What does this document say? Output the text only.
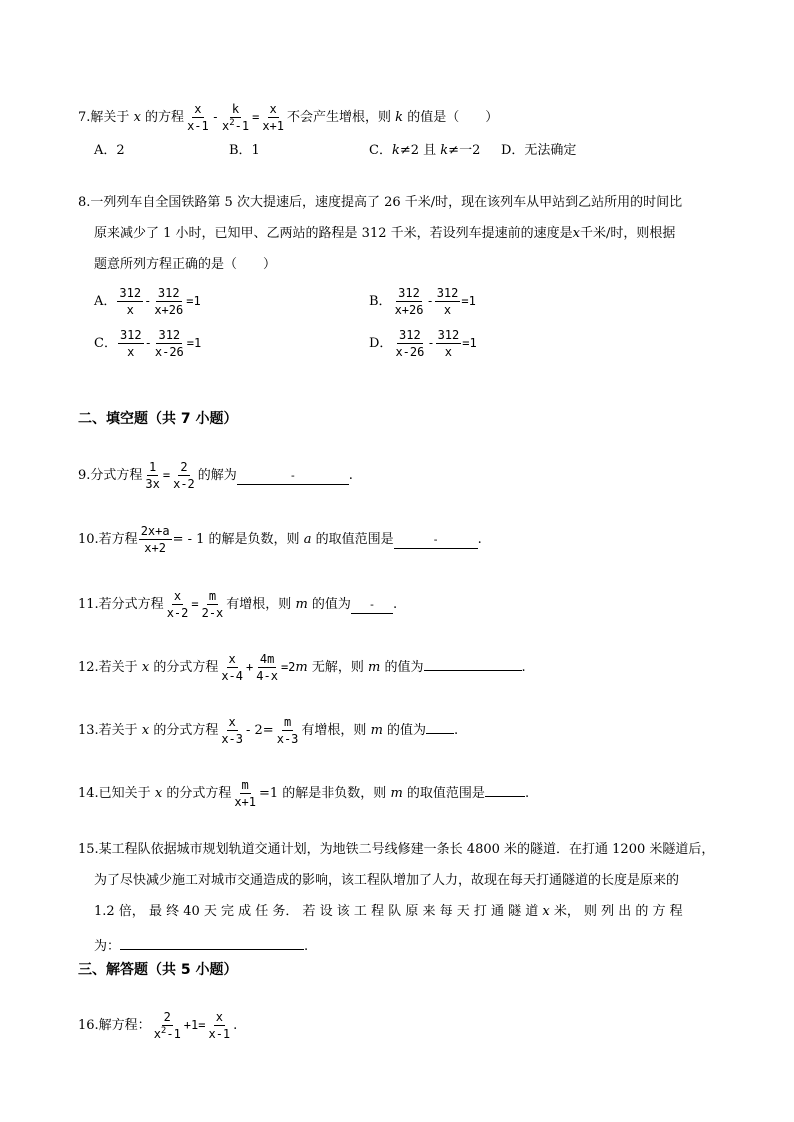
7.解关于 x 的方程 $\frac{x}{x-1} - \frac{k}{x^2-1} = \frac{x}{x+1}$ 不会产生增根，则 k 的值是（　　）
A．2	B．1	C．k≠2 且 k≠一2 D．无法确定
8.一列列车自全国铁路第 5 次大提速后，速度提高了 26 千米/时，现在该列车从甲站到乙站所用的时间比
原来减少了 1 小时，已知甲、乙两站的路程是 312 千米，若设列车提速前的速度是x千米/时，则根据
题意所列方程正确的是（　　）
A． $\frac{312}{x} - \frac{312}{x+26} =1$	B． $\frac{312}{x+26} - \frac{312}{x} =1$
C． $\frac{312}{x} - \frac{312}{x-26} =1$	D． $\frac{312}{x-26} - \frac{312}{x} =1$
二、填空题（共 7 小题）
9.分式方程 $\frac{1}{3x} = \frac{2}{x-2}$ 的解为	-	.
10.若方程 $\frac{2x+a}{x+2}$ = - 1 的解是负数，则 a 的取值范围是	-	.
11.若分式方程 $\frac{x}{x-2} = \frac{m}{2-x}$ 有增根，则 m 的值为 - .
12.若关于 x 的分式方程 $\frac{x}{x-4} + \frac{4m}{4-x} =2m$ 无解，则 m 的值为	.
13.若关于 x 的分式方程 $\frac{x}{x-3} - 2= \frac{m}{x-3}$ 有增根，则 m 的值为 .
14.已知关于 x 的分式方程 $\frac{m}{x+1} =1$ 的解是非负数，则 m 的取值范围是	.
15.某工程队依据城市规划轨道交通计划，为地铁二号线修建一条长 4800 米的隧道．在打通 1200 米隧道后，
为了尽快减少施工对城市交通造成的影响，该工程队增加了人力，故现在每天打通隧道的长度是原来的
1.2 倍， 最 终 40 天 完 成 任 务． 若 设 该 工 程 队 原 来 每 天 打 通 隧 道 x 米， 则 列 出 的 方 程
为：	.
三、解答题（共 5 小题）
16.解方程： $\frac{2}{x^2-1} +1= \frac{x}{x-1}$ .
